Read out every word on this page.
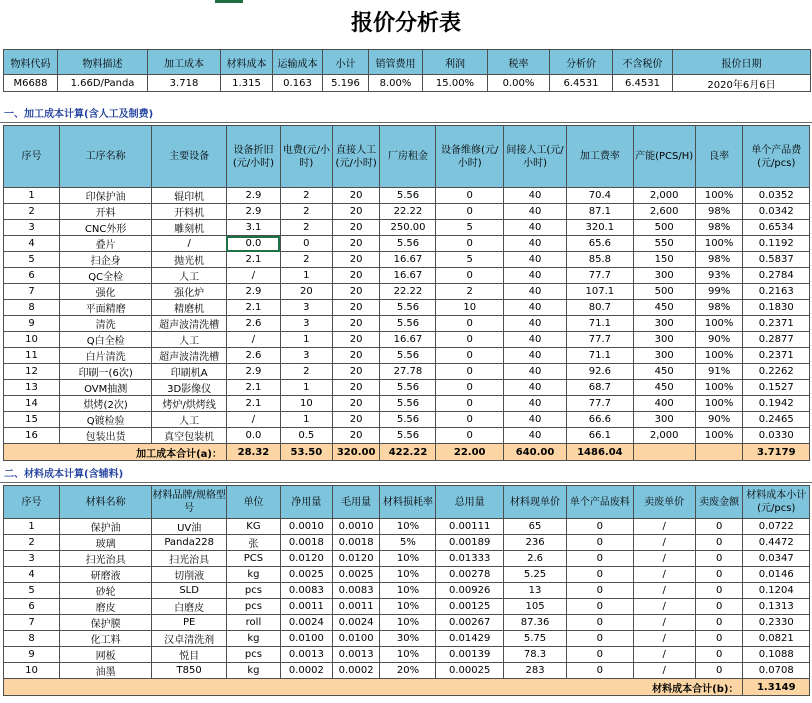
报价分析表
物料代码	物料描述	加工成本	材料成本	运输成本	小计	销管费用	利润	税率	分析价	不含税价	报价日期
M6688	1.66D/Panda	3.718	1.315	0.163	5.196	8.00%	15.00%	0.00%	6.4531	6.4531	2020年6月6日
一、加工成本计算(含人工及制费)
序号	工序名称	主要设备	设备折旧(元/小时)	电费(元/小时)	直接人工(元/小时)	厂房租金	设备维修(元/小时)	间接人工(元/小时)	加工费率	产能(PCS/H)	良率	单个产品费(元/pcs)

1	印保护油	辊印机	2.9	2	20	5.56	0	40	70.4	2,000	100%	0.0352
2	开料	开料机	2.9	2	20	22.22	0	40	87.1	2,600	98%	0.0342
3	CNC外形	雕刻机	3.1	2	20	250.00	5	40	320.1	500	98%	0.6534
4	叠片	/	0.0	0	20	5.56	0	40	65.6	550	100%	0.1192
5	扫企身	抛光机	2.1	2	20	16.67	5	40	85.8	150	98%	0.5837
6	QC全检	人工	/	1	20	16.67	0	40	77.7	300	93%	0.2784
7	强化	强化炉	2.9	20	20	22.22	2	40	107.1	500	99%	0.2163
8	平面精磨	精磨机	2.1	3	20	5.56	10	40	80.7	450	98%	0.1830
9	清洗	超声波清洗槽	2.6	3	20	5.56	0	40	71.1	300	100%	0.2371
10	Q白全检	人工	/	1	20	16.67	0	40	77.7	300	90%	0.2877
11	白片清洗	超声波清洗槽	2.6	3	20	5.56	0	40	71.1	300	100%	0.2371
12	印刷一(6次)	印刷机A	2.9	2	20	27.78	0	40	92.6	450	91%	0.2262
13	OVM抽测	3D影像仪	2.1	1	20	5.56	0	40	68.7	450	100%	0.1527
14	烘烤(2次)	烤炉/烘烤线	2.1	10	20	5.56	0	40	77.7	400	100%	0.1942
15	Q镀检验	人工	/	1	20	5.56	0	40	66.6	300	90%	0.2465
16	包装出货	真空包装机	0.0	0.5	20	5.56	0	40	66.1	2,000	100%	0.0330
加工成本合计(a)：			28.32	53.50	320.00	422.22	22.00	640.00	1486.04			3.7179
二、材料成本计算(含辅料)
序号	材料名称	材料品牌/规格型号	单位	净用量	毛用量	材料损耗率	总用量	材料现单价	单个产品废料	卖废单价	卖废金额	材料成本小计(元/pcs)

1	保护油	UV油	KG	0.0010	0.0010	10%	0.00111	65	0	/	0	0.0722
2	玻璃	Panda228	张	0.0018	0.0018	5%	0.00189	236	0	/	0	0.4472
3	扫光治具	扫光治具	PCS	0.0120	0.0120	10%	0.01333	2.6	0	/	0	0.0347
4	研磨液	切削液	kg	0.0025	0.0025	10%	0.00278	5.25	0	/	0	0.0146
5	砂轮	SLD	pcs	0.0083	0.0083	10%	0.00926	13	0	/	0	0.1204
6	磨皮	白磨皮	pcs	0.0011	0.0011	10%	0.00125	105	0	/	0	0.1313
7	保护膜	PE	roll	0.0024	0.0024	10%	0.00267	87.36	0	/	0	0.2330
8	化工料	汉卓清洗剂	kg	0.0100	0.0100	30%	0.01429	5.75	0	/	0	0.0821
9	网板	悦目	pcs	0.0013	0.0013	10%	0.00139	78.3	0	/	0	0.1088
10	油墨	T850	kg	0.0002	0.0002	20%	0.00025	283	0	/	0	0.0708
材料成本合计(b)：												1.3149
